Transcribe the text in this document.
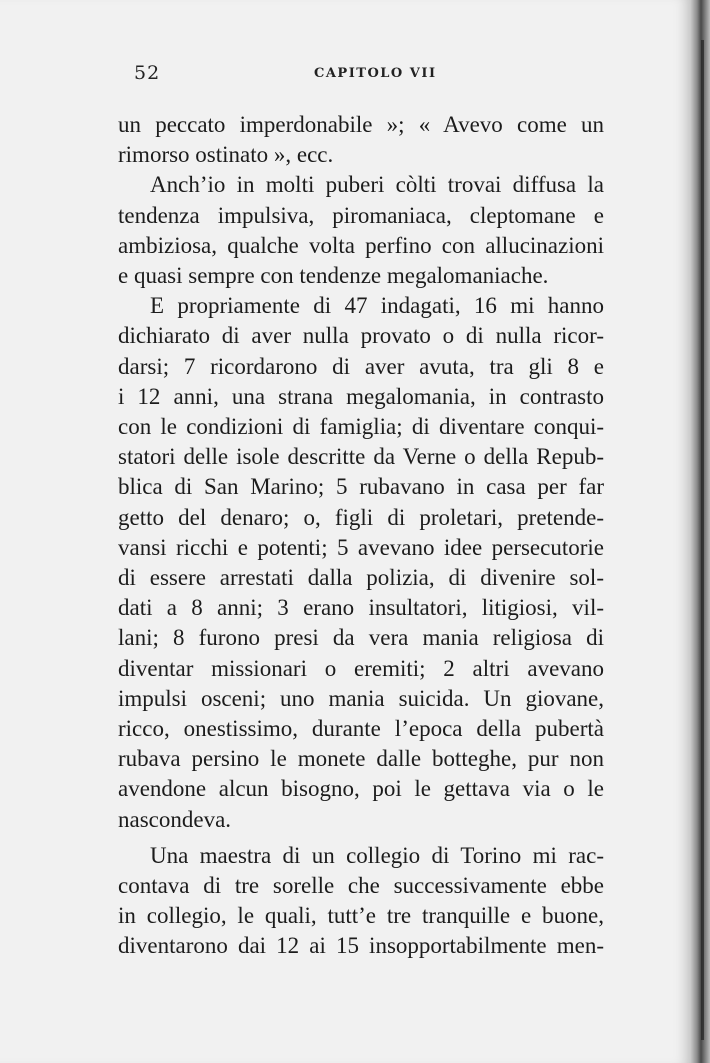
52	CAPITOLO VII

un peccato imperdonabile »; « Avevo come un
rimorso ostinato », ecc.

Anch’io in molti puberi còlti trovai diffusa la
tendenza impulsiva, piromaniaca, cleptomane e
ambiziosa, qualche volta perfino con allucinazioni
e quasi sempre con tendenze megalomaniache.

E propriamente di 47 indagati, 16 mi hanno
dichiarato di aver nulla provato o di nulla ricor-
darsi; 7 ricordarono di aver avuta, tra gli 8 e
i 12 anni, una strana megalomania, in contrasto
con le condizioni di famiglia; di diventare conqui-
statori delle isole descritte da Verne o della Repub-
blica di San Marino; 5 rubavano in casa per far
getto del denaro; o, figli di proletari, pretende-
vansi ricchi e potenti; 5 avevano idee persecutorie
di essere arrestati dalla polizia, di divenire sol-
dati a 8 anni; 3 erano insultatori, litigiosi, vil-
lani; 8 furono presi da vera mania religiosa di
diventar missionari o eremiti; 2 altri avevano
impulsi osceni; uno mania suicida. Un giovane,
ricco, onestissimo, durante l’epoca della pubertà
rubava persino le monete dalle botteghe, pur non
avendone alcun bisogno, poi le gettava via o le
nascondeva.

Una maestra di un collegio di Torino mi rac-
contava di tre sorelle che successivamente ebbe
in collegio, le quali, tutt’e tre tranquille e buone,
diventarono dai 12 ai 15 insopportabilmente men-
